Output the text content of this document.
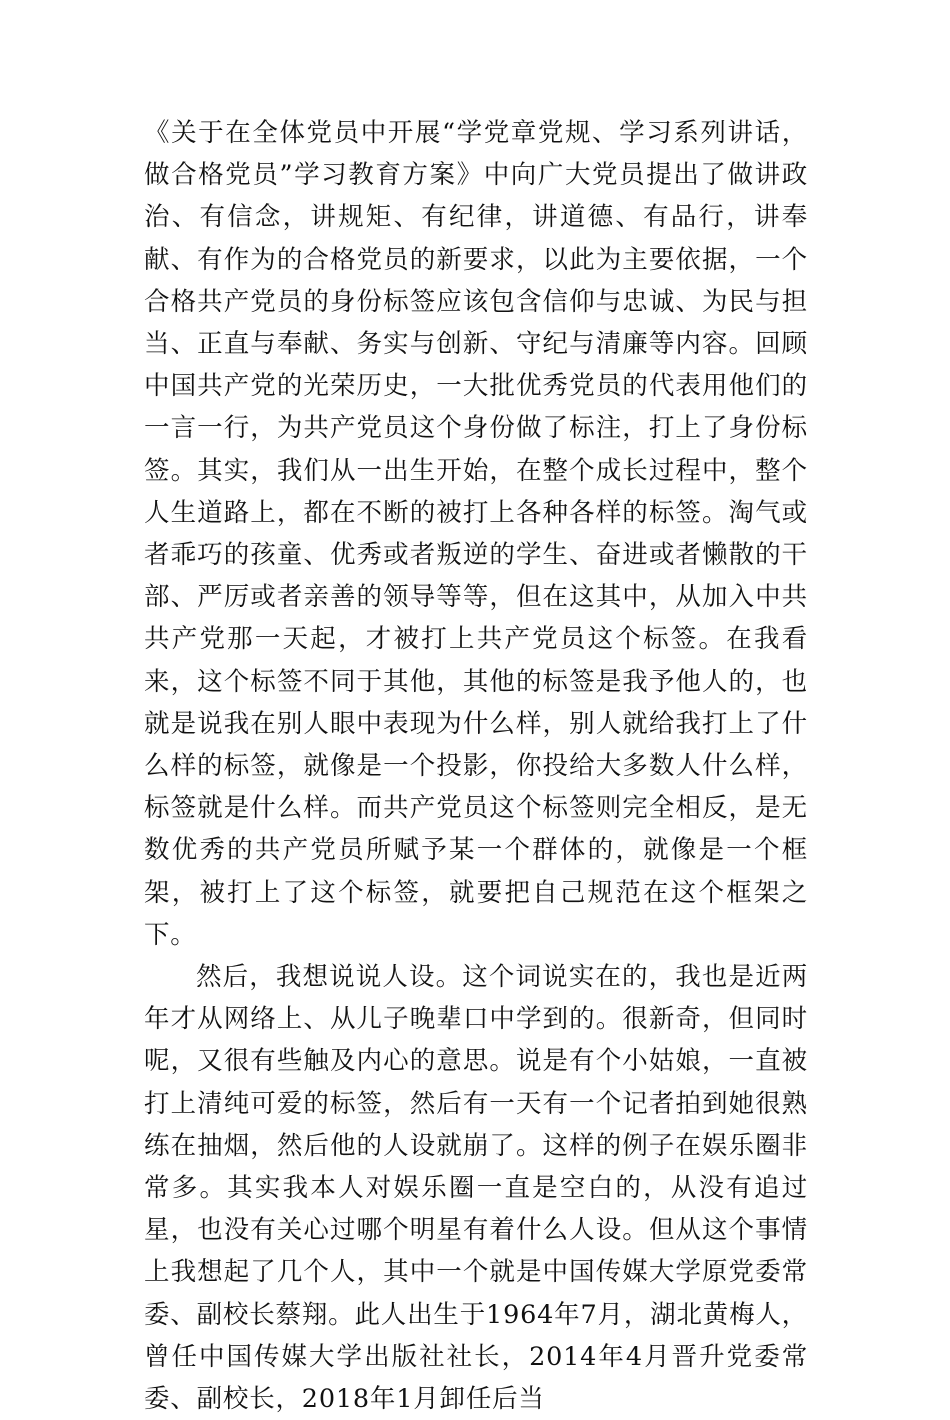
《关于在全体党员中开展“学党章党规、学习系列讲话，做合格党员”学习教育方案》中向广大党员提出了做讲政治、有信念，讲规矩、有纪律，讲道德、有品行，讲奉献、有作为的合格党员的新要求，以此为主要依据，一个合格共产党员的身份标签应该包含信仰与忠诚、为民与担当、正直与奉献、务实与创新、守纪与清廉等内容。回顾中国共产党的光荣历史，一大批优秀党员的代表用他们的一言一行，为共产党员这个身份做了标注，打上了身份标签。其实，我们从一出生开始，在整个成长过程中，整个人生道路上，都在不断的被打上各种各样的标签。淘气或者乖巧的孩童、优秀或者叛逆的学生、奋进或者懒散的干部、严厉或者亲善的领导等等，但在这其中，从加入中共共产党那一天起，才被打上共产党员这个标签。在我看来，这个标签不同于其他，其他的标签是我予他人的，也就是说我在别人眼中表现为什么样，别人就给我打上了什么样的标签，就像是一个投影，你投给大多数人什么样，标签就是什么样。而共产党员这个标签则完全相反，是无数优秀的共产党员所赋予某一个群体的，就像是一个框架，被打上了这个标签，就要把自己规范在这个框架之下。

然后，我想说说人设。这个词说实在的，我也是近两年才从网络上、从儿子晚辈口中学到的。很新奇，但同时呢，又很有些触及内心的意思。说是有个小姑娘，一直被打上清纯可爱的标签，然后有一天有一个记者拍到她很熟练在抽烟，然后他的人设就崩了。这样的例子在娱乐圈非常多。其实我本人对娱乐圈一直是空白的，从没有追过星，也没有关心过哪个明星有着什么人设。但从这个事情上我想起了几个人，其中一个就是中国传媒大学原党委常委、副校长蔡翔。此人出生于1964年7月，湖北黄梅人，曾任中国传媒大学出版社社长，2014年4月晋升党委常委、副校长，2018年1月卸任后当
